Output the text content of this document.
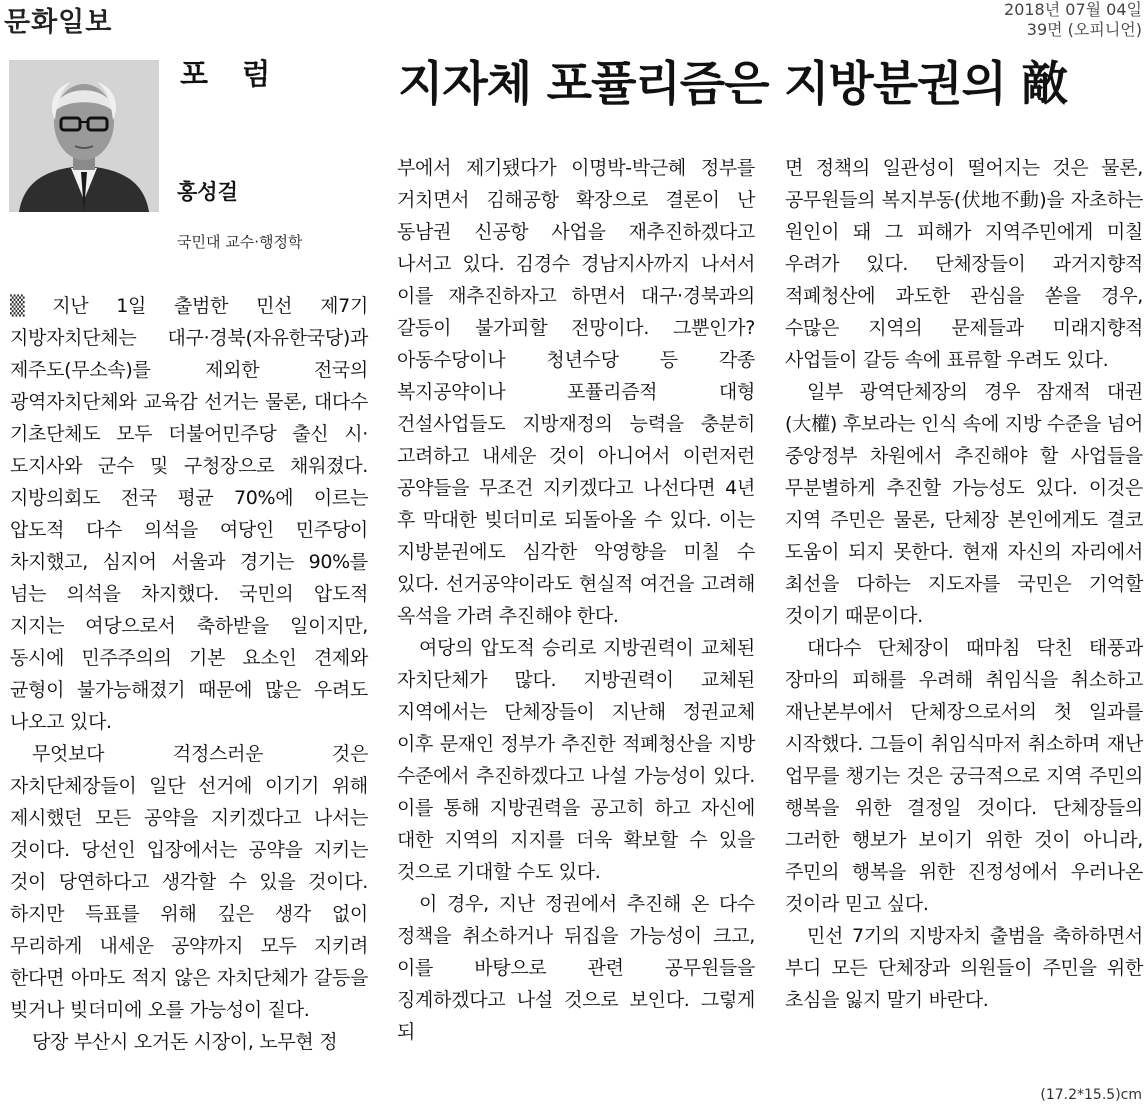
문화일보	2018년 07월 04일
39면 (오피니언)
포 럼
홍성걸
국민대 교수·행정학
지자체 포퓰리즘은 지방분권의 敵

▒ 지난 1일 출범한 민선 제7기 지방자치단체는 대구·경북(자유한국당)과 제주도(무소속)를 제외한 전국의 광역자치단체와 교육감 선거는 물론, 대다수 기초단체도 모두 더불어민주당 출신 시·도지사와 군수 및 구청장으로 채워졌다. 지방의회도 전국 평균 70%에 이르는 압도적 다수 의석을 여당인 민주당이 차지했고, 심지어 서울과 경기는 90%를 넘는 의석을 차지했다. 국민의 압도적 지지는 여당으로서 축하받을 일이지만, 동시에 민주주의의 기본 요소인 견제와 균형이 불가능해졌기 때문에 많은 우려도 나오고 있다.

무엇보다 걱정스러운 것은 자치단체장들이 일단 선거에 이기기 위해 제시했던 모든 공약을 지키겠다고 나서는 것이다. 당선인 입장에서는 공약을 지키는 것이 당연하다고 생각할 수 있을 것이다. 하지만 득표를 위해 깊은 생각 없이 무리하게 내세운 공약까지 모두 지키려 한다면 아마도 적지 않은 자치단체가 갈등을 빚거나 빚더미에 오를 가능성이 짙다.

당장 부산시 오거돈 시장이, 노무현 정

부에서 제기됐다가 이명박-박근혜 정부를 거치면서 김해공항 확장으로 결론이 난 동남권 신공항 사업을 재추진하겠다고 나서고 있다. 김경수 경남지사까지 나서서 이를 재추진하자고 하면서 대구·경북과의 갈등이 불가피할 전망이다. 그뿐인가? 아동수당이나 청년수당 등 각종 복지공약이나 포퓰리즘적 대형 건설사업들도 지방재정의 능력을 충분히 고려하고 내세운 것이 아니어서 이런저런 공약들을 무조건 지키겠다고 나선다면 4년 후 막대한 빚더미로 되돌아올 수 있다. 이는 지방분권에도 심각한 악영향을 미칠 수 있다. 선거공약이라도 현실적 여건을 고려해 옥석을 가려 추진해야 한다.

여당의 압도적 승리로 지방권력이 교체된 자치단체가 많다. 지방권력이 교체된 지역에서는 단체장들이 지난해 정권교체 이후 문재인 정부가 추진한 적폐청산을 지방 수준에서 추진하겠다고 나설 가능성이 있다. 이를 통해 지방권력을 공고히 하고 자신에 대한 지역의 지지를 더욱 확보할 수 있을 것으로 기대할 수도 있다.

이 경우, 지난 정권에서 추진해 온 다수 정책을 취소하거나 뒤집을 가능성이 크고, 이를 바탕으로 관련 공무원들을 징계하겠다고 나설 것으로 보인다. 그렇게 되

면 정책의 일관성이 떨어지는 것은 물론, 공무원들의 복지부동(伏地不動)을 자초하는 원인이 돼 그 피해가 지역주민에게 미칠 우려가 있다. 단체장들이 과거지향적 적폐청산에 과도한 관심을 쏟을 경우, 수많은 지역의 문제들과 미래지향적 사업들이 갈등 속에 표류할 우려도 있다.

일부 광역단체장의 경우 잠재적 대권(大權) 후보라는 인식 속에 지방 수준을 넘어 중앙정부 차원에서 추진해야 할 사업들을 무분별하게 추진할 가능성도 있다. 이것은 지역 주민은 물론, 단체장 본인에게도 결코 도움이 되지 못한다. 현재 자신의 자리에서 최선을 다하는 지도자를 국민은 기억할 것이기 때문이다.

대다수 단체장이 때마침 닥친 태풍과 장마의 피해를 우려해 취임식을 취소하고 재난본부에서 단체장으로서의 첫 일과를 시작했다. 그들이 취임식마저 취소하며 재난 업무를 챙기는 것은 궁극적으로 지역 주민의 행복을 위한 결정일 것이다. 단체장들의 그러한 행보가 보이기 위한 것이 아니라, 주민의 행복을 위한 진정성에서 우러나온 것이라 믿고 싶다.

민선 7기의 지방자치 출범을 축하하면서 부디 모든 단체장과 의원들이 주민을 위한 초심을 잃지 말기 바란다.

(17.2*15.5)cm
